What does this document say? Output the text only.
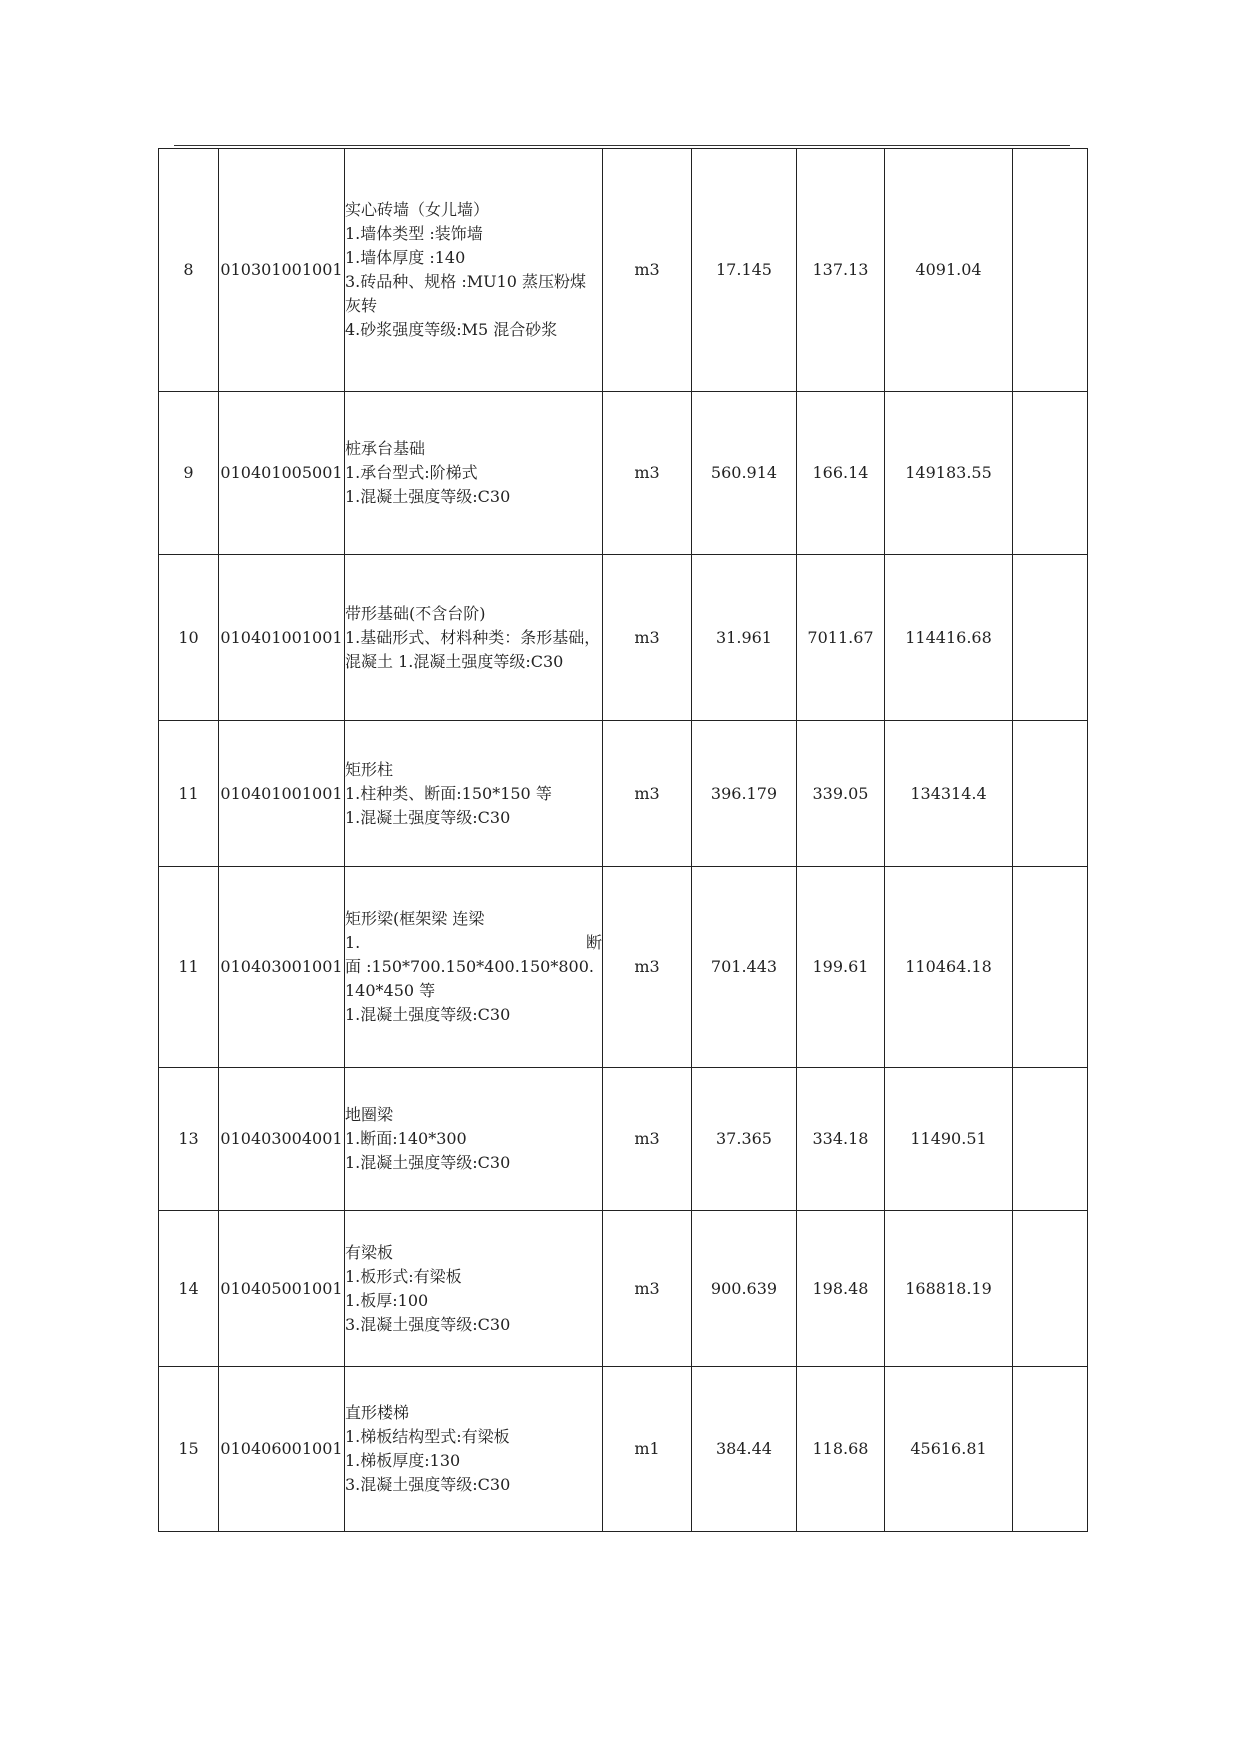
8	010301001001	实心砖墙（女儿墙）
1.墙体类型 :装饰墙
1.墙体厚度 :140
3.砖品种、规格 :MU10 蒸压粉煤灰转
4.砂浆强度等级:M5 混合砂浆	m3	17.145	137.13	4091.04	
9	010401005001	桩承台基础
1.承台型式:阶梯式
1.混凝土强度等级:C30	m3	560.914	166.14	149183.55	
10	010401001001	带形基础(不含台阶)
1.基础形式、材料种类：条形基础，混凝土 1.混凝土强度等级:C30	m3	31.961	7011.67	114416.68	
11	010401001001	矩形柱
1.柱种类、断面:150*150 等
1.混凝土强度等级:C30	m3	396.179	339.05	134314.4	
11	010403001001	矩形梁(框架梁 连梁
1. 断
面 :150*700.150*400.150*800.140*450 等
1.混凝土强度等级:C30	m3	701.443	199.61	110464.18	
13	010403004001	地圈梁
1.断面:140*300
1.混凝土强度等级:C30	m3	37.365	334.18	11490.51	
14	010405001001	有梁板
1.板形式:有梁板
1.板厚:100
3.混凝土强度等级:C30	m3	900.639	198.48	168818.19	
15	010406001001	直形楼梯
1.梯板结构型式:有梁板
1.梯板厚度:130
3.混凝土强度等级:C30	m1	384.44	118.68	45616.81	
